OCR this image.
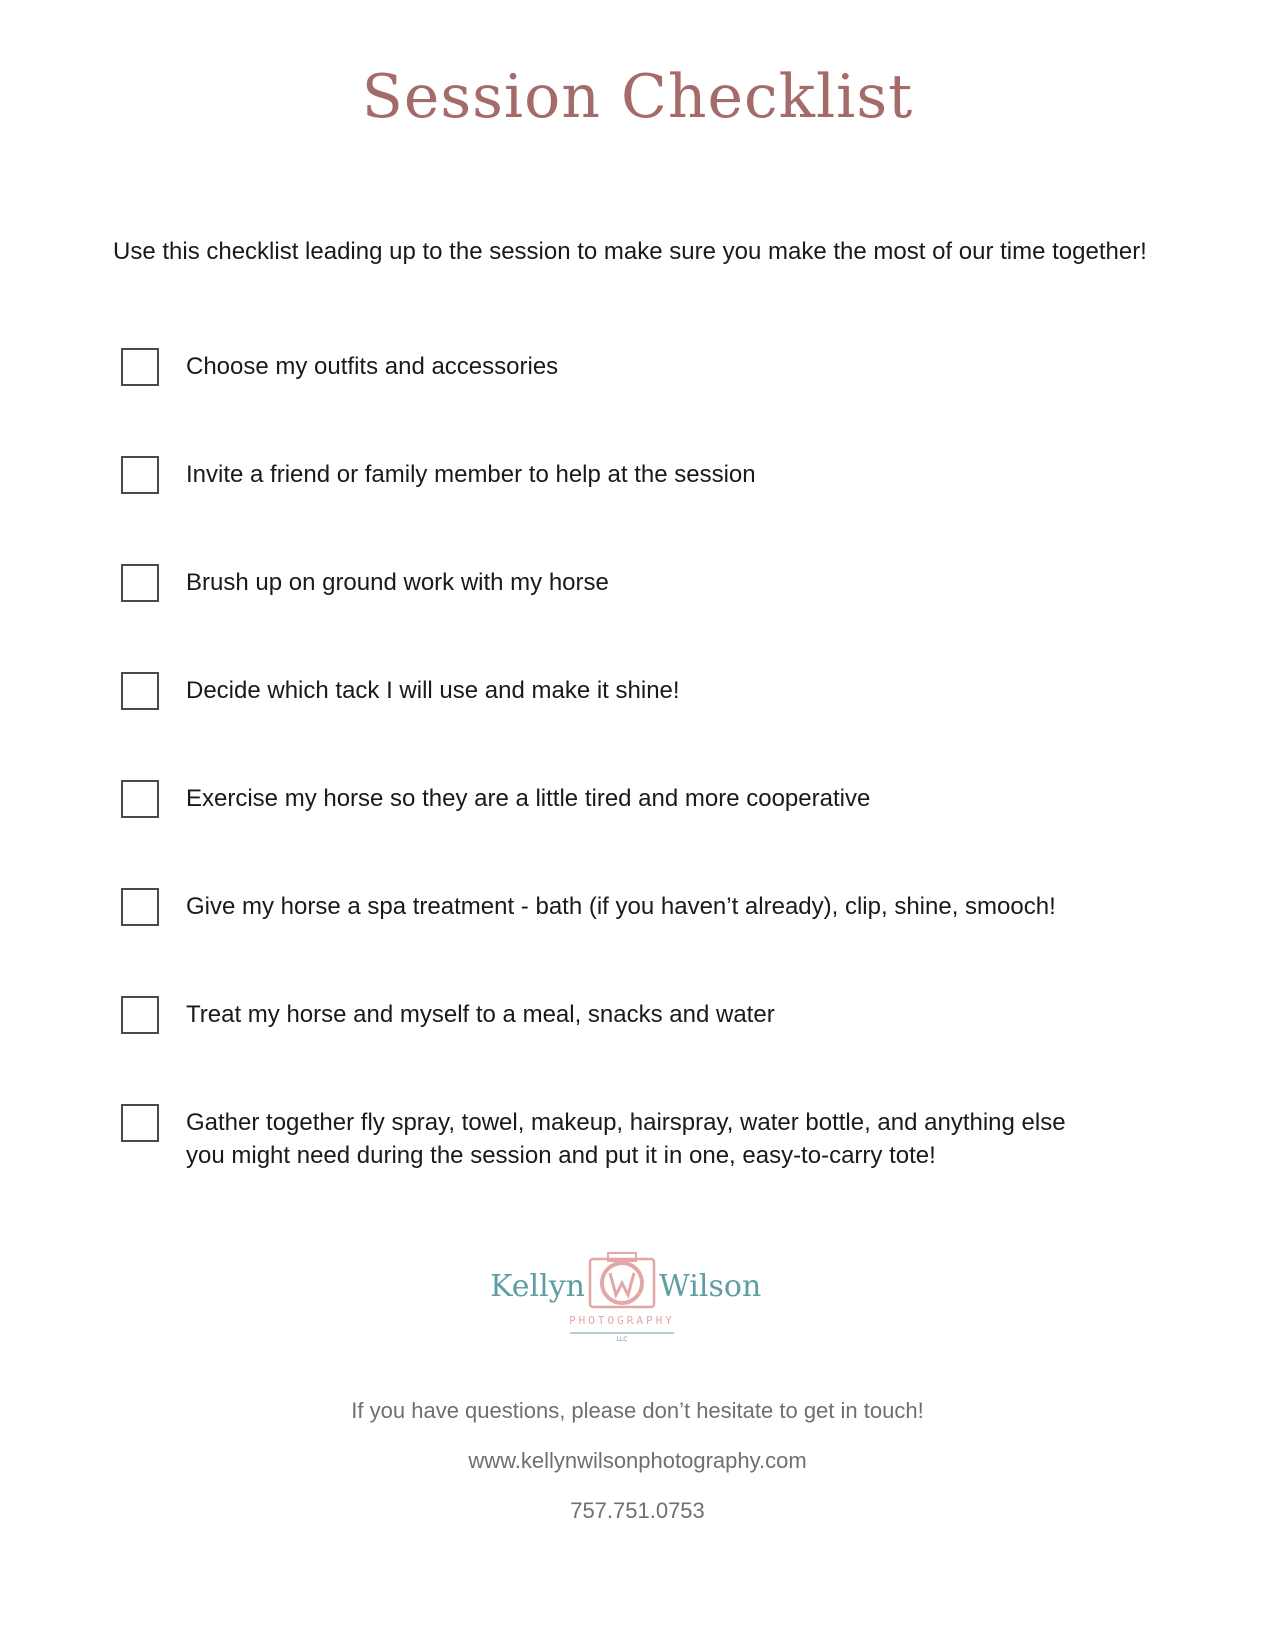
Session Checklist

Use this checklist leading up to the session to make sure you make the most of our time together!

Choose my outfits and accessories
Invite a friend or family member to help at the session
Brush up on ground work with my horse
Decide which tack I will use and make it shine!
Exercise my horse so they are a little tired and more cooperative
Give my horse a spa treatment - bath (if you haven’t already), clip, shine, smooch!
Treat my horse and myself to a meal, snacks and water
Gather together fly spray, towel, makeup, hairspray, water bottle, and anything else you might need during the session and put it in one, easy-to-carry tote!
Kellyn Wilson
PHOTOGRAPHY
LLC

If you have questions, please don’t hesitate to get in touch!

www.kellynwilsonphotography.com

757.751.0753
